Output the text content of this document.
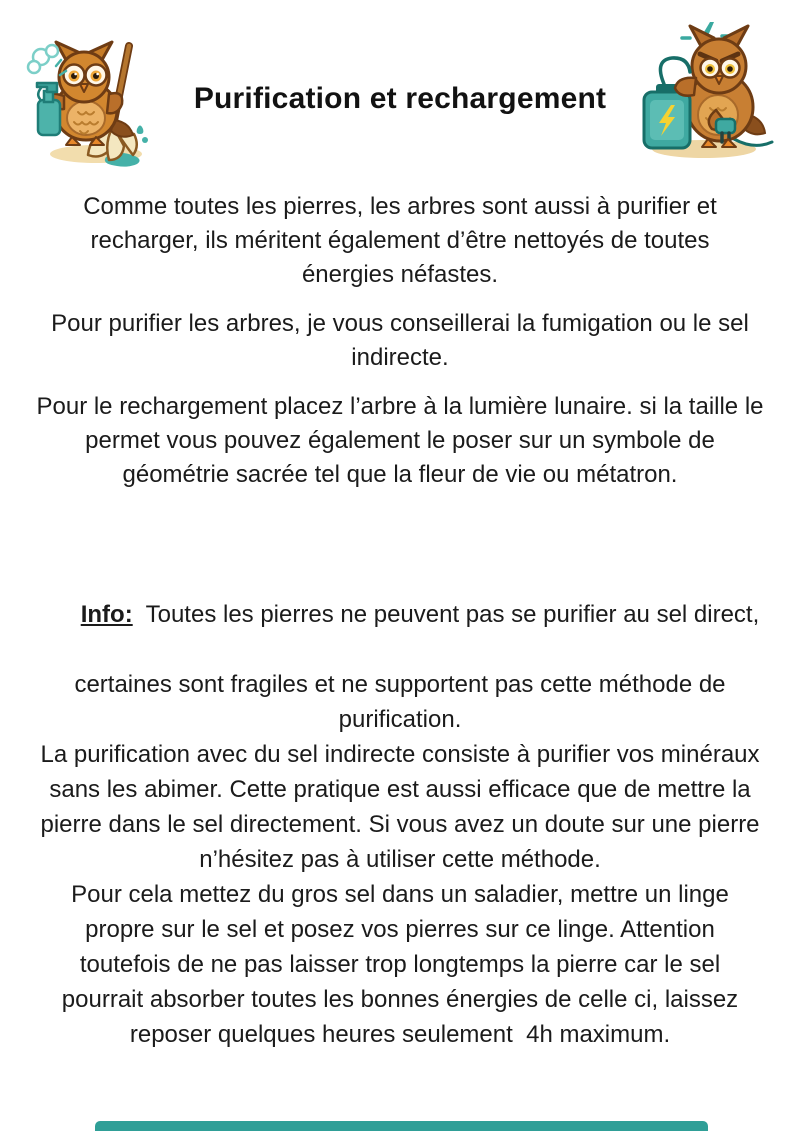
Purification et rechargement
Comme toutes les pierres, les arbres sont aussi à purifier et
recharger, ils méritent également d’être nettoyés de toutes
énergies néfastes.
Pour purifier les arbres, je vous conseillerai la fumigation ou le sel
indirecte.
Pour le rechargement placez l’arbre à la lumière lunaire. si la taille le
permet vous pouvez également le poser sur un symbole de
géométrie sacrée tel que la fleur de vie ou métatron.

Info:  Toutes les pierres ne peuvent pas se purifier au sel direct,

certaines sont fragiles et ne supportent pas cette méthode de
purification.
La purification avec du sel indirecte consiste à purifier vos minéraux
sans les abimer. Cette pratique est aussi efficace que de mettre la
pierre dans le sel directement. Si vous avez un doute sur une pierre
n’hésitez pas à utiliser cette méthode.
Pour cela mettez du gros sel dans un saladier, mettre un linge
propre sur le sel et posez vos pierres sur ce linge. Attention
toutefois de ne pas laisser trop longtemps la pierre car le sel
pourrait absorber toutes les bonnes énergies de celle ci, laissez
reposer quelques heures seulement  4h maximum.
